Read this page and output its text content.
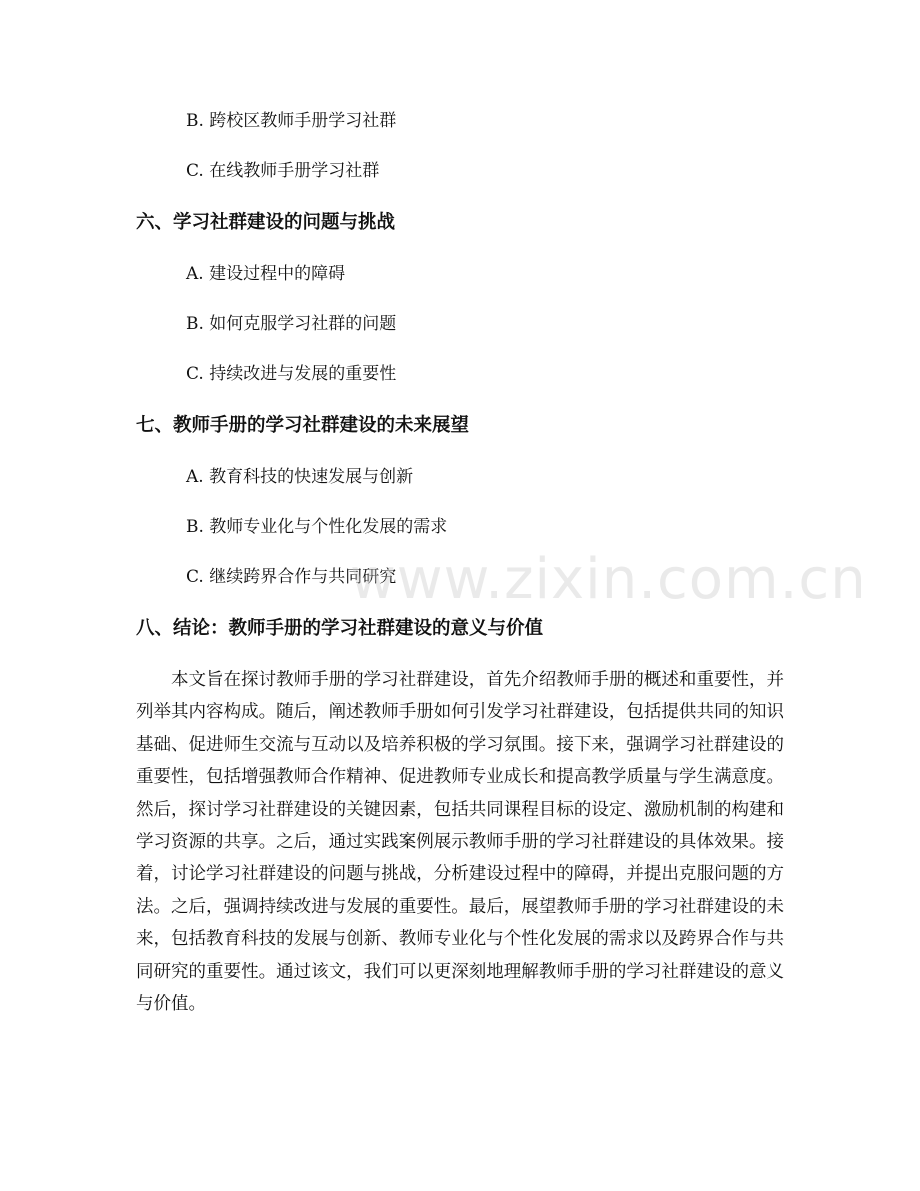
B. 跨校区教师手册学习社群
C. 在线教师手册学习社群
六、学习社群建设的问题与挑战
A. 建设过程中的障碍
B. 如何克服学习社群的问题
C. 持续改进与发展的重要性
七、教师手册的学习社群建设的未来展望
A. 教育科技的快速发展与创新
B. 教师专业化与个性化发展的需求
C. 继续跨界合作与共同研究
八、结论：教师手册的学习社群建设的意义与价值

本文旨在探讨教师手册的学习社群建设，首先介绍教师手册的概述和重要性，并列举其内容构成。随后，阐述教师手册如何引发学习社群建设，包括提供共同的知识基础、促进师生交流与互动以及培养积极的学习氛围。接下来，强调学习社群建设的重要性，包括增强教师合作精神、促进教师专业成长和提高教学质量与学生满意度。然后，探讨学习社群建设的关键因素，包括共同课程目标的设定、激励机制的构建和学习资源的共享。之后，通过实践案例展示教师手册的学习社群建设的具体效果。接着，讨论学习社群建设的问题与挑战，分析建设过程中的障碍，并提出克服问题的方法。之后，强调持续改进与发展的重要性。最后，展望教师手册的学习社群建设的未来，包括教育科技的发展与创新、教师专业化与个性化发展的需求以及跨界合作与共同研究的重要性。通过该文，我们可以更深刻地理解教师手册的学习社群建设的意义与价值。

www.zixin.com.cn
